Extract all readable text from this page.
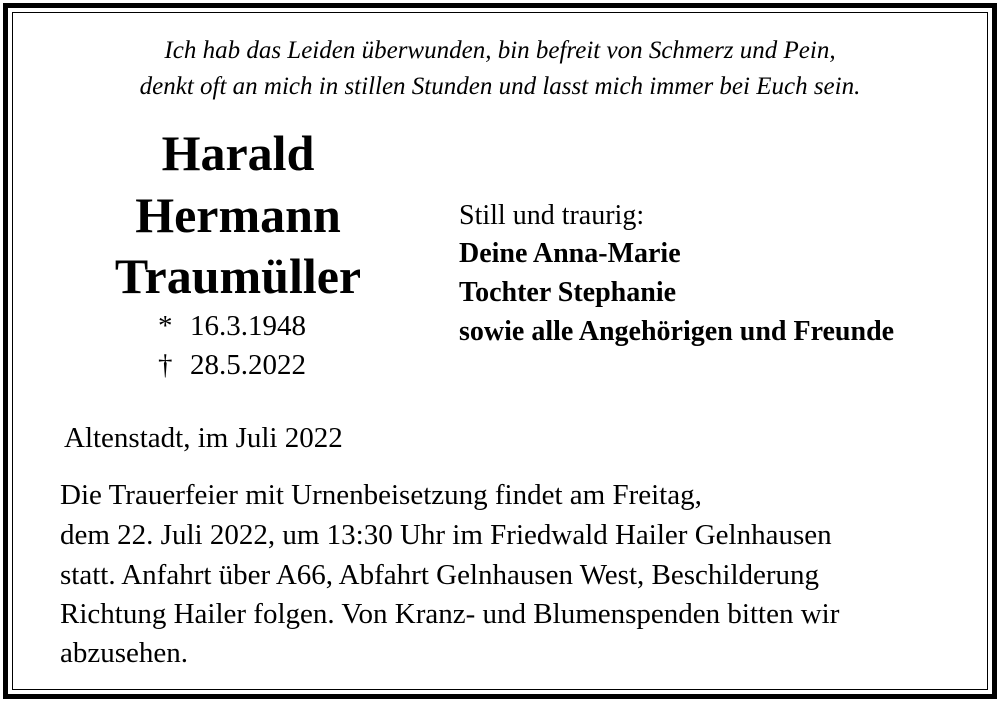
Ich hab das Leiden überwunden, bin befreit von Schmerz und Pein,
denkt oft an mich in stillen Stunden und lasst mich immer bei Euch sein.
Harald
Hermann
Traumüller
* 16.3.1948
† 28.5.2022
Still und traurig:
Deine Anna-Marie
Tochter Stephanie
sowie alle Angehörigen und Freunde
Altenstadt, im Juli 2022
Die Trauerfeier mit Urnenbeisetzung findet am Freitag,
dem 22. Juli 2022, um 13:30 Uhr im Friedwald Hailer Gelnhausen
statt. Anfahrt über A66, Abfahrt Gelnhausen West, Beschilderung
Richtung Hailer folgen. Von Kranz- und Blumenspenden bitten wir
abzusehen.
